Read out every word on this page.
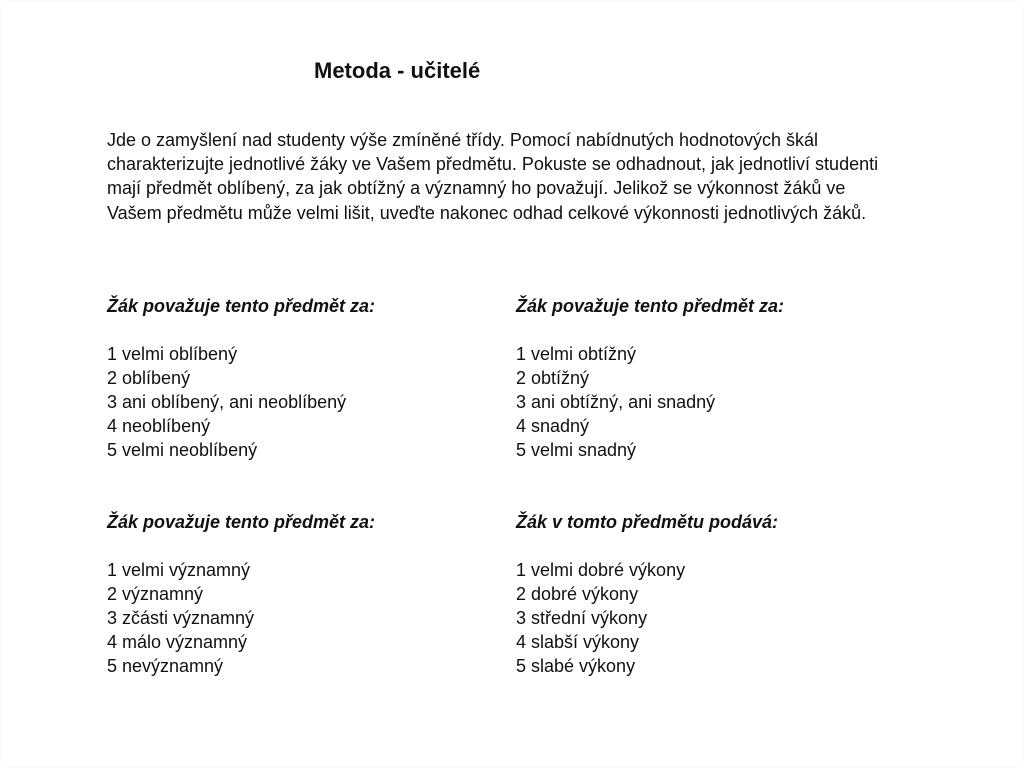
Metoda - učitelé

Jde o zamyšlení nad studenty výše zmíněné třídy. Pomocí nabídnutých hodnotových škál charakterizujte jednotlivé žáky ve Vašem předmětu. Pokuste se odhadnout, jak jednotliví studenti mají předmět oblíbený, za jak obtížný a významný ho považují. Jelikož se výkonnost žáků ve Vašem předmětu může velmi lišit, uveďte nakonec odhad celkové výkonnosti jednotlivých žáků.

Žák považuje tento předmět za:
1 velmi oblíbený
2 oblíbený
3 ani oblíbený, ani neoblíbený
4 neoblíbený
5 velmi neoblíbený
Žák považuje tento předmět za:
1 velmi obtížný
2 obtížný
3 ani obtížný, ani snadný
4 snadný
5 velmi snadný
Žák považuje tento předmět za:
1 velmi významný
2 významný
3 zčásti významný
4 málo významný
5 nevýznamný
Žák v tomto předmětu podává:
1 velmi dobré výkony
2 dobré výkony
3 střední výkony
4 slabší výkony
5 slabé výkony
